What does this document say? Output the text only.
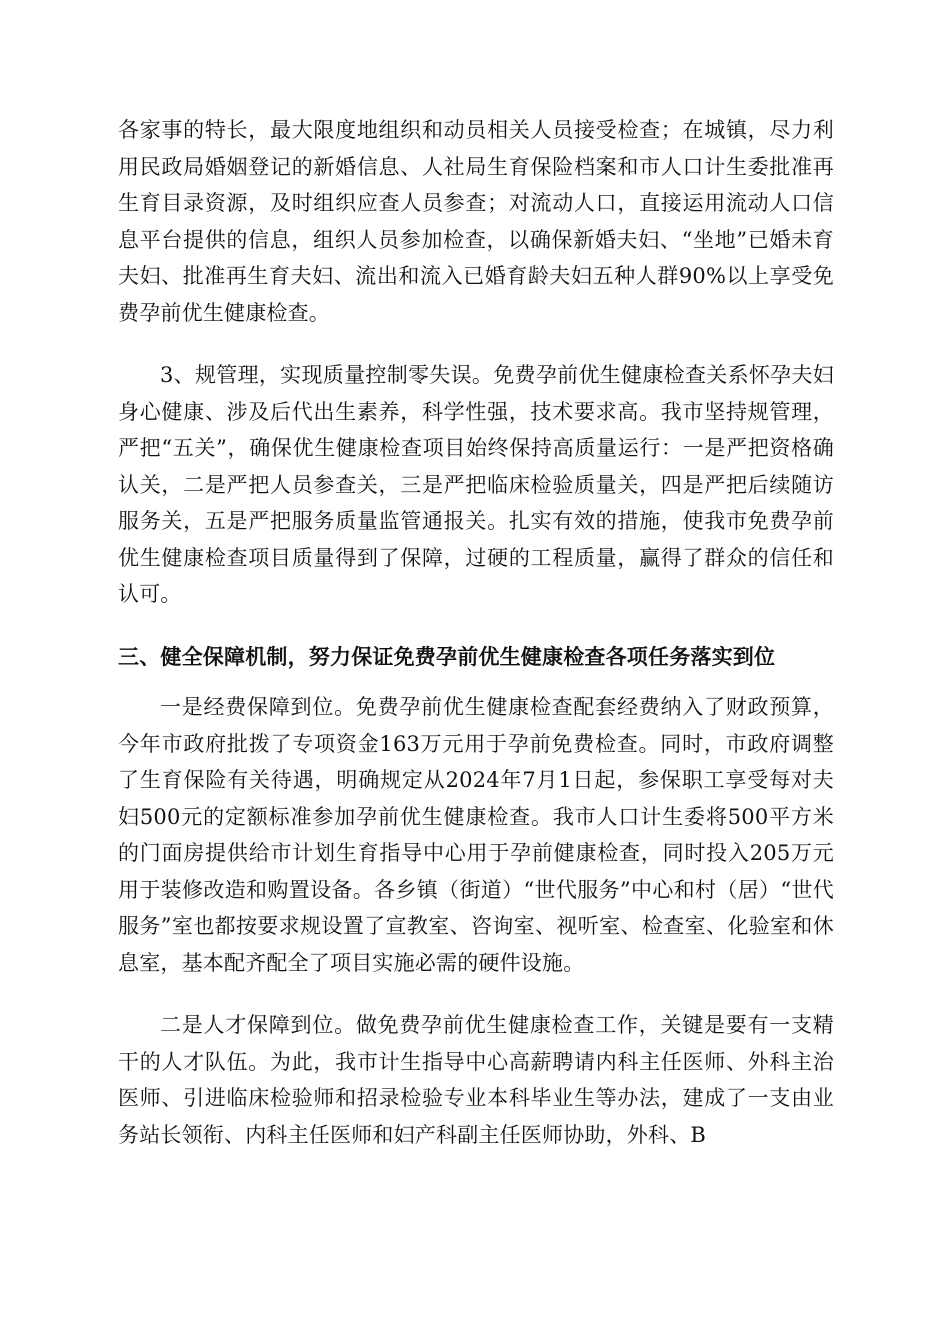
各家事的特长，最大限度地组织和动员相关人员接受检查；在城镇，尽力利用民政局婚姻登记的新婚信息、人社局生育保险档案和市人口计生委批准再生育目录资源，及时组织应查人员参查；对流动人口，直接运用流动人口信息平台提供的信息，组织人员参加检查，以确保新婚夫妇、“坐地”已婚未育夫妇、批准再生育夫妇、流出和流入已婚育龄夫妇五种人群90%以上享受免费孕前优生健康检查。

3、规管理，实现质量控制零失误。免费孕前优生健康检查关系怀孕夫妇身心健康、涉及后代出生素养，科学性强，技术要求高。我市坚持规管理，严把“五关”，确保优生健康检查项目始终保持高质量运行：一是严把资格确认关，二是严把人员参查关，三是严把临床检验质量关，四是严把后续随访服务关，五是严把服务质量监管通报关。扎实有效的措施，使我市免费孕前优生健康检查项目质量得到了保障，过硬的工程质量，赢得了群众的信任和认可。

三、健全保障机制，努力保证免费孕前优生健康检查各项任务落实到位

一是经费保障到位。免费孕前优生健康检查配套经费纳入了财政预算，今年市政府批拨了专项资金163万元用于孕前免费检查。同时，市政府调整了生育保险有关待遇，明确规定从2024年7月1日起，参保职工享受每对夫妇500元的定额标准参加孕前优生健康检查。我市人口计生委将500平方米的门面房提供给市计划生育指导中心用于孕前健康检查，同时投入205万元用于装修改造和购置设备。各乡镇（街道）“世代服务”中心和村（居）“世代服务”室也都按要求规设置了宣教室、咨询室、视听室、检查室、化验室和休息室，基本配齐配全了项目实施必需的硬件设施。

二是人才保障到位。做免费孕前优生健康检查工作，关键是要有一支精干的人才队伍。为此，我市计生指导中心高薪聘请内科主任医师、外科主治医师、引进临床检验师和招录检验专业本科毕业生等办法，建成了一支由业务站长领衔、内科主任医师和妇产科副主任医师协助，外科、B
